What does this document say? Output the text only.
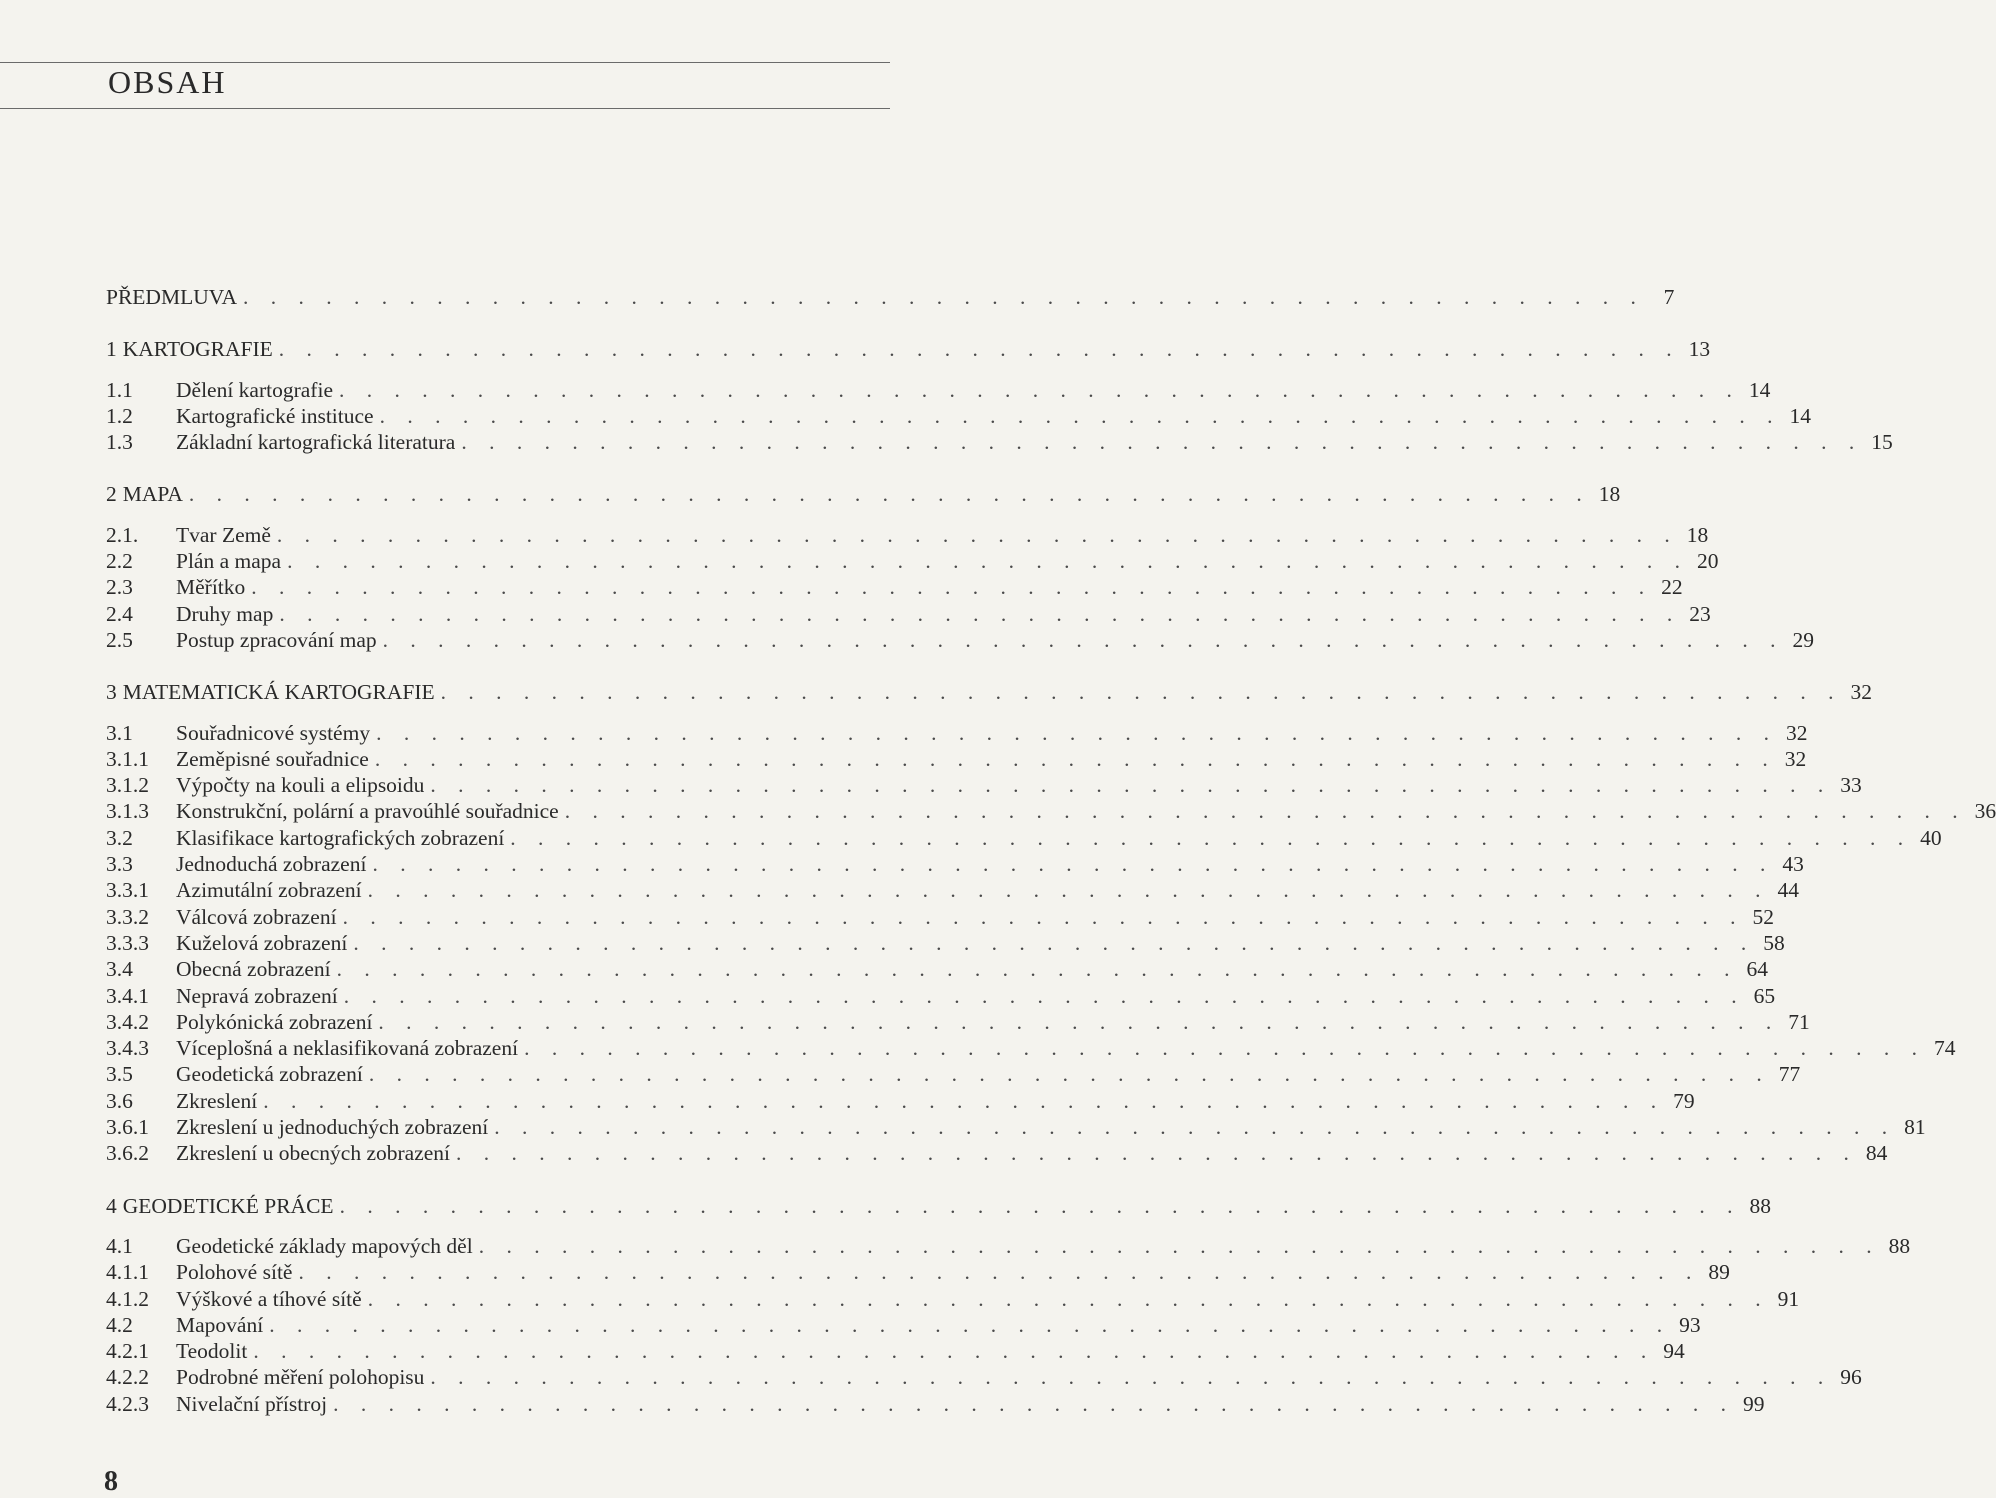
OBSAH
PŘEDMLUVA . . . . . . . . . . . . . . . . . . . . . . . . . . . . . . . . . . . . . . . . . . . . . . . . . . . 7
1 KARTOGRAFIE . . . . . . . . . . . . . . . . . . . . . . . . . . . . . . . . . . . . . . . . . . . . . . . . . . . 13
1.1	Dělení kartografie . . . . . . . . . . . . . . . . . . . . . . . . . . . . . . . . . . . . . . . . . . . . . . . . . . . 14
1.2	Kartografické instituce . . . . . . . . . . . . . . . . . . . . . . . . . . . . . . . . . . . . . . . . . . . . . . . . . . . 14
1.3	Základní kartografická literatura . . . . . . . . . . . . . . . . . . . . . . . . . . . . . . . . . . . . . . . . . . . . . . . . . . . 15
2 MAPA . . . . . . . . . . . . . . . . . . . . . . . . . . . . . . . . . . . . . . . . . . . . . . . . . . . 18
2.1.	Tvar Země . . . . . . . . . . . . . . . . . . . . . . . . . . . . . . . . . . . . . . . . . . . . . . . . . . . 18
2.2	Plán a mapa . . . . . . . . . . . . . . . . . . . . . . . . . . . . . . . . . . . . . . . . . . . . . . . . . . . 20
2.3	Měřítko . . . . . . . . . . . . . . . . . . . . . . . . . . . . . . . . . . . . . . . . . . . . . . . . . . . 22
2.4	Druhy map . . . . . . . . . . . . . . . . . . . . . . . . . . . . . . . . . . . . . . . . . . . . . . . . . . . 23
2.5	Postup zpracování map . . . . . . . . . . . . . . . . . . . . . . . . . . . . . . . . . . . . . . . . . . . . . . . . . . . 29
3 MATEMATICKÁ KARTOGRAFIE . . . . . . . . . . . . . . . . . . . . . . . . . . . . . . . . . . . . . . . . . . . . . . . . . . . 32
3.1	Souřadnicové systémy . . . . . . . . . . . . . . . . . . . . . . . . . . . . . . . . . . . . . . . . . . . . . . . . . . . 32
3.1.1	Zeměpisné souřadnice . . . . . . . . . . . . . . . . . . . . . . . . . . . . . . . . . . . . . . . . . . . . . . . . . . . 32
3.1.2	Výpočty na kouli a elipsoidu . . . . . . . . . . . . . . . . . . . . . . . . . . . . . . . . . . . . . . . . . . . . . . . . . . . 33
3.1.3	Konstrukční, polární a pravoúhlé souřadnice . . . . . . . . . . . . . . . . . . . . . . . . . . . . . . . . . . . . . . . . . . . . . . . . . . . 36
3.2	Klasifikace kartografických zobrazení . . . . . . . . . . . . . . . . . . . . . . . . . . . . . . . . . . . . . . . . . . . . . . . . . . . 40
3.3	Jednoduchá zobrazení . . . . . . . . . . . . . . . . . . . . . . . . . . . . . . . . . . . . . . . . . . . . . . . . . . . 43
3.3.1	Azimutální zobrazení . . . . . . . . . . . . . . . . . . . . . . . . . . . . . . . . . . . . . . . . . . . . . . . . . . . 44
3.3.2	Válcová zobrazení . . . . . . . . . . . . . . . . . . . . . . . . . . . . . . . . . . . . . . . . . . . . . . . . . . . 52
3.3.3	Kuželová zobrazení . . . . . . . . . . . . . . . . . . . . . . . . . . . . . . . . . . . . . . . . . . . . . . . . . . . 58
3.4	Obecná zobrazení . . . . . . . . . . . . . . . . . . . . . . . . . . . . . . . . . . . . . . . . . . . . . . . . . . . 64
3.4.1	Nepravá zobrazení . . . . . . . . . . . . . . . . . . . . . . . . . . . . . . . . . . . . . . . . . . . . . . . . . . . 65
3.4.2	Polykónická zobrazení . . . . . . . . . . . . . . . . . . . . . . . . . . . . . . . . . . . . . . . . . . . . . . . . . . . 71
3.4.3	Víceplošná a neklasifikovaná zobrazení . . . . . . . . . . . . . . . . . . . . . . . . . . . . . . . . . . . . . . . . . . . . . . . . . . . 74
3.5	Geodetická zobrazení . . . . . . . . . . . . . . . . . . . . . . . . . . . . . . . . . . . . . . . . . . . . . . . . . . . 77
3.6	Zkreslení . . . . . . . . . . . . . . . . . . . . . . . . . . . . . . . . . . . . . . . . . . . . . . . . . . . 79
3.6.1	Zkreslení u jednoduchých zobrazení . . . . . . . . . . . . . . . . . . . . . . . . . . . . . . . . . . . . . . . . . . . . . . . . . . . 81
3.6.2	Zkreslení u obecných zobrazení . . . . . . . . . . . . . . . . . . . . . . . . . . . . . . . . . . . . . . . . . . . . . . . . . . . 84
4 GEODETICKÉ PRÁCE . . . . . . . . . . . . . . . . . . . . . . . . . . . . . . . . . . . . . . . . . . . . . . . . . . . 88
4.1	Geodetické základy mapových děl . . . . . . . . . . . . . . . . . . . . . . . . . . . . . . . . . . . . . . . . . . . . . . . . . . . 88
4.1.1	Polohové sítě . . . . . . . . . . . . . . . . . . . . . . . . . . . . . . . . . . . . . . . . . . . . . . . . . . . 89
4.1.2	Výškové a tíhové sítě . . . . . . . . . . . . . . . . . . . . . . . . . . . . . . . . . . . . . . . . . . . . . . . . . . . 91
4.2	Mapování . . . . . . . . . . . . . . . . . . . . . . . . . . . . . . . . . . . . . . . . . . . . . . . . . . . 93
4.2.1	Teodolit . . . . . . . . . . . . . . . . . . . . . . . . . . . . . . . . . . . . . . . . . . . . . . . . . . . 94
4.2.2	Podrobné měření polohopisu . . . . . . . . . . . . . . . . . . . . . . . . . . . . . . . . . . . . . . . . . . . . . . . . . . . 96
4.2.3	Nivelační přístroj . . . . . . . . . . . . . . . . . . . . . . . . . . . . . . . . . . . . . . . . . . . . . . . . . . . 99
8
